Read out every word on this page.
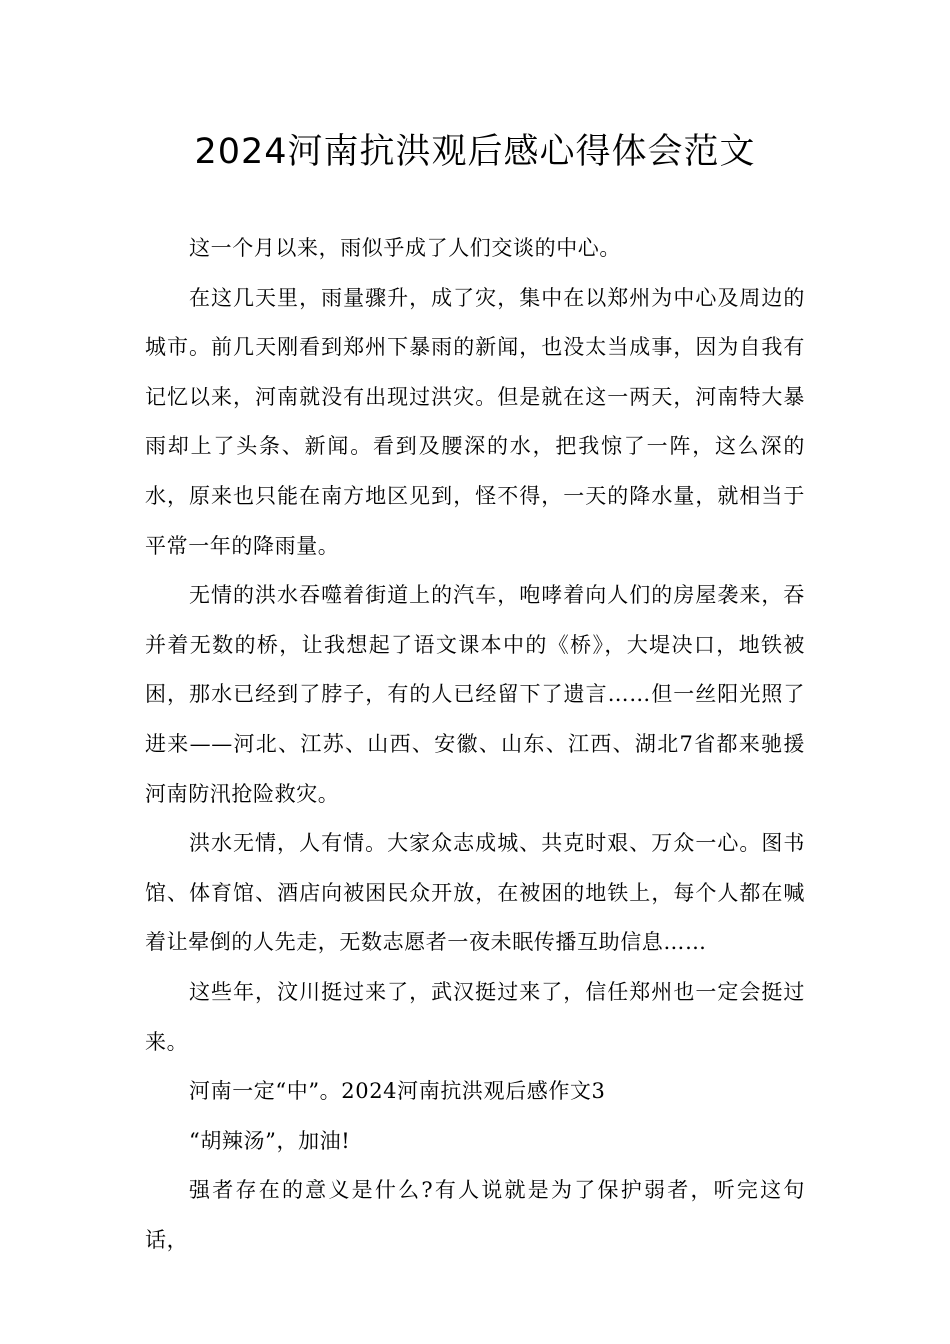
2024河南抗洪观后感心得体会范文

这一个月以来，雨似乎成了人们交谈的中心。

在这几天里，雨量骤升，成了灾，集中在以郑州为中心及周边的城市。前几天刚看到郑州下暴雨的新闻，也没太当成事，因为自我有记忆以来，河南就没有出现过洪灾。但是就在这一两天，河南特大暴雨却上了头条、新闻。看到及腰深的水，把我惊了一阵，这么深的水，原来也只能在南方地区见到，怪不得，一天的降水量，就相当于平常一年的降雨量。

无情的洪水吞噬着街道上的汽车，咆哮着向人们的房屋袭来，吞并着无数的桥，让我想起了语文课本中的《桥》，大堤决口，地铁被困，那水已经到了脖子，有的人已经留下了遗言……但一丝阳光照了进来——河北、江苏、山西、安徽、山东、江西、湖北7省都来驰援河南防汛抢险救灾。

洪水无情，人有情。大家众志成城、共克时艰、万众一心。图书馆、体育馆、酒店向被困民众开放，在被困的地铁上，每个人都在喊着让晕倒的人先走，无数志愿者一夜未眠传播互助信息……

这些年，汶川挺过来了，武汉挺过来了，信任郑州也一定会挺过来。

河南一定“中”。2024河南抗洪观后感作文3

“胡辣汤”，加油!

强者存在的意义是什么?有人说就是为了保护弱者，听完这句话，
